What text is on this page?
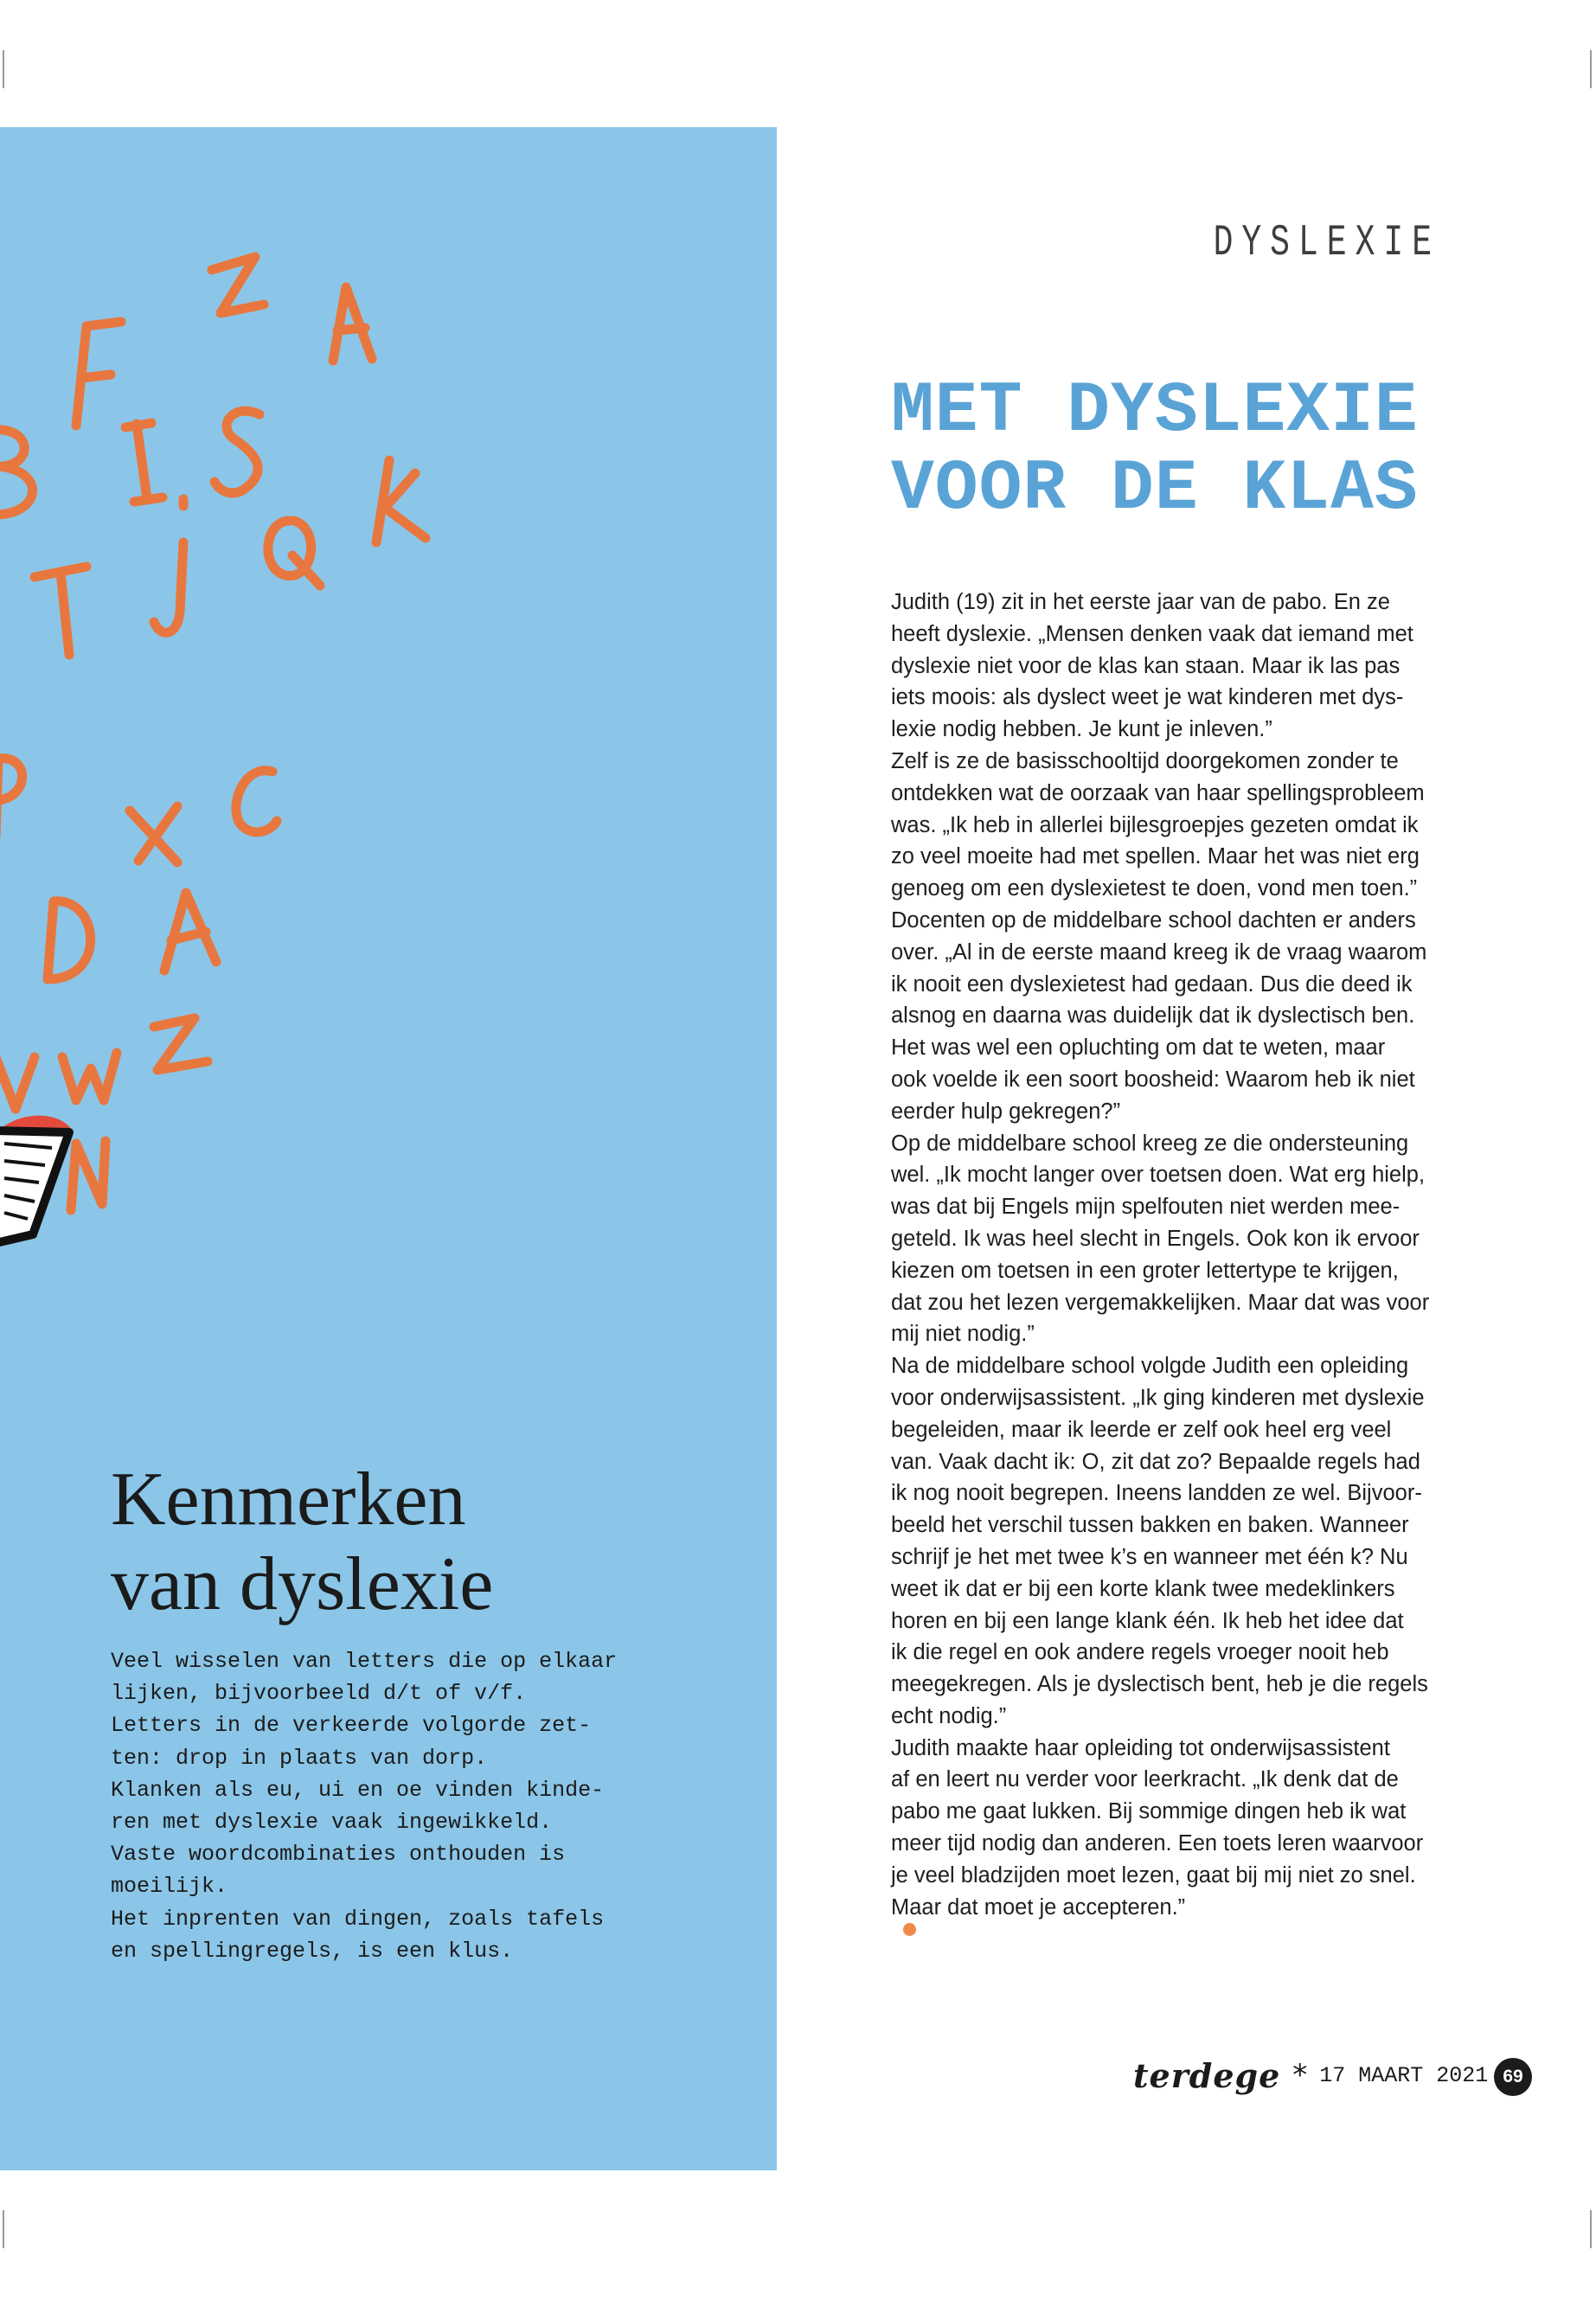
DYSLEXIE
MET DYSLEXIE
VOOR DE KLAS
Judith (19) zit in het eerste jaar van de pabo. En ze
heeft dyslexie. „Mensen denken vaak dat iemand met
dyslexie niet voor de klas kan staan. Maar ik las pas
iets moois: als dyslect weet je wat kinderen met dys-
lexie nodig hebben. Je kunt je inleven.”
Zelf is ze de basisschooltijd doorgekomen zonder te
ontdekken wat de oorzaak van haar spellingsprobleem
was. „Ik heb in allerlei bijlesgroepjes gezeten omdat ik
zo veel moeite had met spellen. Maar het was niet erg
genoeg om een dyslexietest te doen, vond men toen.”
Docenten op de middelbare school dachten er anders
over. „Al in de eerste maand kreeg ik de vraag waarom
ik nooit een dyslexietest had gedaan. Dus die deed ik
alsnog en daarna was duidelijk dat ik dyslectisch ben.
Het was wel een opluchting om dat te weten, maar
ook voelde ik een soort boosheid: Waarom heb ik niet
eerder hulp gekregen?”
Op de middelbare school kreeg ze die ondersteuning
wel. „Ik mocht langer over toetsen doen. Wat erg hielp,
was dat bij Engels mijn spelfouten niet werden mee-
geteld. Ik was heel slecht in Engels. Ook kon ik ervoor
kiezen om toetsen in een groter lettertype te krijgen,
dat zou het lezen vergemakkelijken. Maar dat was voor
mij niet nodig.”
Na de middelbare school volgde Judith een opleiding
voor onderwijsassistent. „Ik ging kinderen met dyslexie
begeleiden, maar ik leerde er zelf ook heel erg veel
van. Vaak dacht ik: O, zit dat zo? Bepaalde regels had
ik nog nooit begrepen. Ineens landden ze wel. Bijvoor-
beeld het verschil tussen bakken en baken. Wanneer
schrijf je het met twee k’s en wanneer met één k? Nu
weet ik dat er bij een korte klank twee medeklinkers
horen en bij een lange klank één. Ik heb het idee dat
ik die regel en ook andere regels vroeger nooit heb
meegekregen. Als je dyslectisch bent, heb je die regels
echt nodig.”
Judith maakte haar opleiding tot onderwijsassistent
af en leert nu verder voor leerkracht. „Ik denk dat de
pabo me gaat lukken. Bij sommige dingen heb ik wat
meer tijd nodig dan anderen. Een toets leren waarvoor
je veel bladzijden moet lezen, gaat bij mij niet zo snel.
Maar dat moet je accepteren.”
Kenmerken
van dyslexie
Veel wisselen van letters die op elkaar
lijken, bijvoorbeeld d/t of v/f.
Letters in de verkeerde volgorde zet-
ten: drop in plaats van dorp.
Klanken als eu, ui en oe vinden kinde-
ren met dyslexie vaak ingewikkeld.
Vaste woordcombinaties onthouden is
moeilijk.
Het inprenten van dingen, zoals tafels
en spellingregels, is een klus.
terdege * 17 MAART 2021 69
